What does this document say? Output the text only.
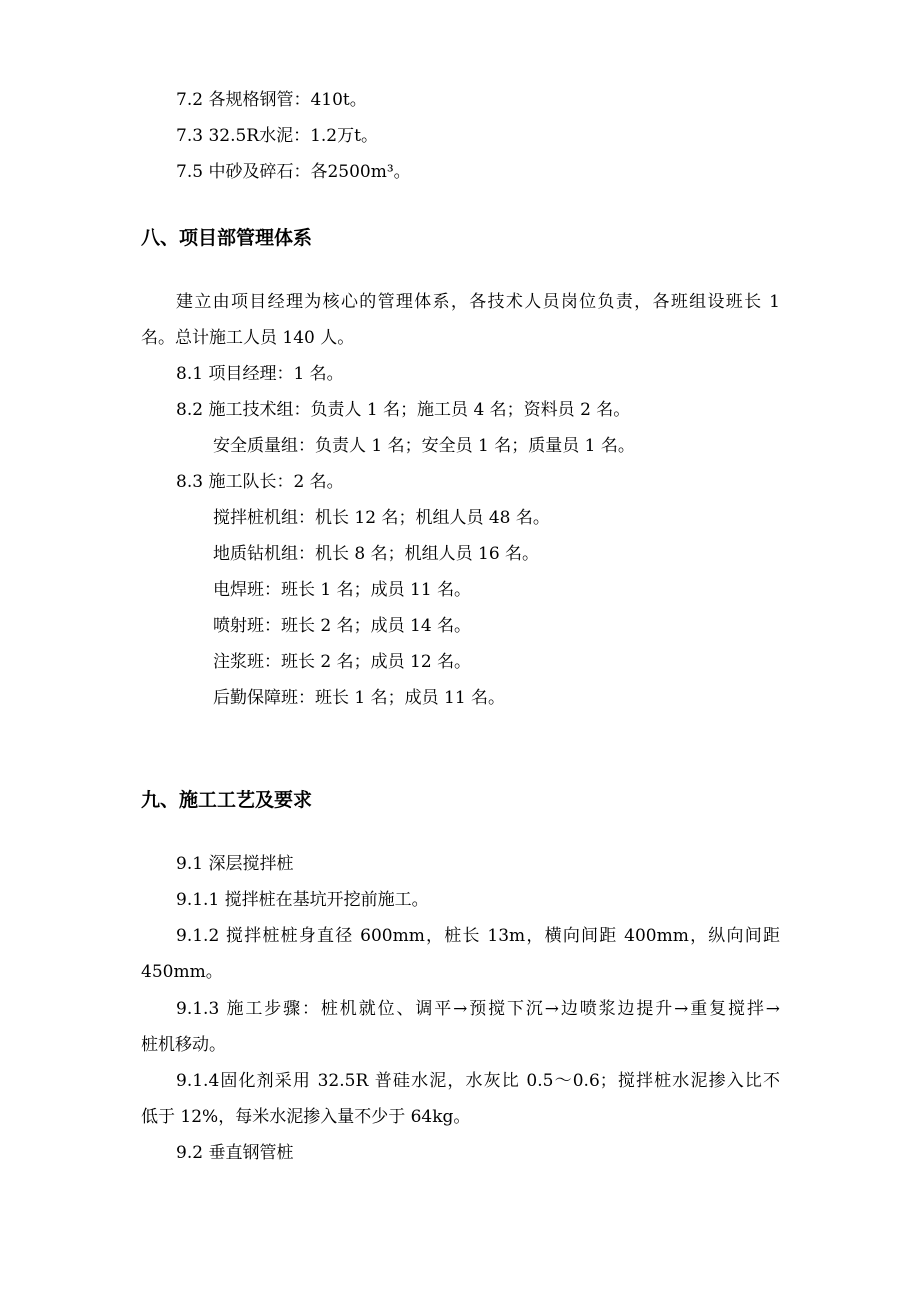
7.2 各规格钢管：410t。
7.3 32.5R水泥：1.2万t。
7.5 中砂及碎石：各2500m³。
八、项目部管理体系
建立由项目经理为核心的管理体系，各技术人员岗位负责，各班组设班长 1
名。总计施工人员 140 人。
8.1 项目经理：1 名。
8.2 施工技术组：负责人 1 名；施工员 4 名；资料员 2 名。
安全质量组：负责人 1 名；安全员 1 名；质量员 1 名。
8.3 施工队长：2 名。
搅拌桩机组：机长 12 名；机组人员 48 名。
地质钻机组：机长 8 名；机组人员 16 名。
电焊班：班长 1 名；成员 11 名。
喷射班：班长 2 名；成员 14 名。
注浆班：班长 2 名；成员 12 名。
后勤保障班：班长 1 名；成员 11 名。
九、施工工艺及要求
9.1 深层搅拌桩
9.1.1 搅拌桩在基坑开挖前施工。
9.1.2 搅拌桩桩身直径 600mm，桩长 13m，横向间距 400mm，纵向间距
450mm。
9.1.3 施工步骤：桩机就位、调平→预搅下沉→边喷浆边提升→重复搅拌→
桩机移动。
9.1.4固化剂采用 32.5R 普硅水泥，水灰比 0.5～0.6；搅拌桩水泥掺入比不
低于 12%，每米水泥掺入量不少于 64kg。
9.2 垂直钢管桩
